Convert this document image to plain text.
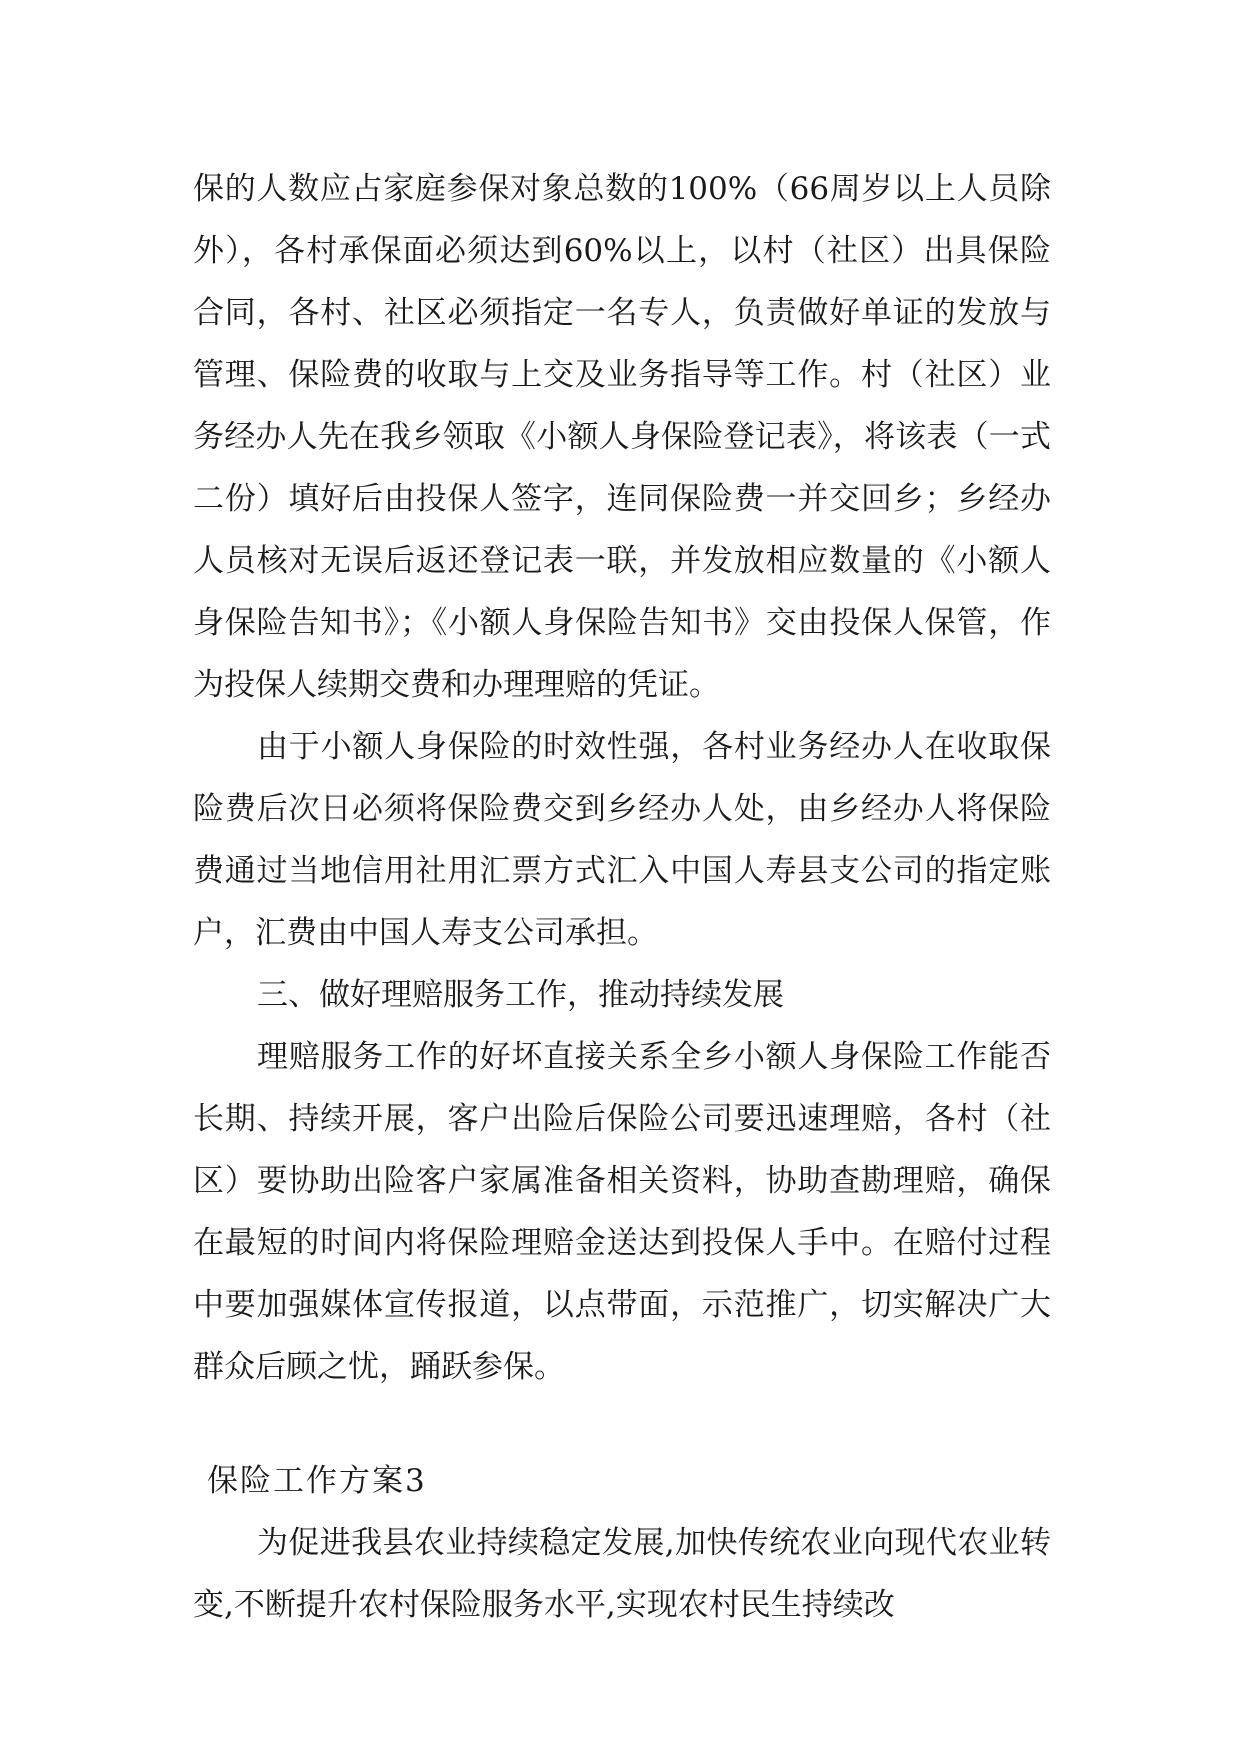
保的人数应占家庭参保对象总数的100%（66周岁以上人员除外），各村承保面必须达到60%以上，以村（社区）出具保险合同，各村、社区必须指定一名专人，负责做好单证的发放与管理、保险费的收取与上交及业务指导等工作。村（社区）业务经办人先在我乡领取《小额人身保险登记表》，将该表（一式二份）填好后由投保人签字，连同保险费一并交回乡；乡经办人员核对无误后返还登记表一联，并发放相应数量的《小额人身保险告知书》；《小额人身保险告知书》交由投保人保管，作为投保人续期交费和办理理赔的凭证。

由于小额人身保险的时效性强，各村业务经办人在收取保险费后次日必须将保险费交到乡经办人处，由乡经办人将保险费通过当地信用社用汇票方式汇入中国人寿县支公司的指定账户，汇费由中国人寿支公司承担。

三、做好理赔服务工作，推动持续发展

理赔服务工作的好坏直接关系全乡小额人身保险工作能否长期、持续开展，客户出险后保险公司要迅速理赔，各村（社区）要协助出险客户家属准备相关资料，协助查勘理赔，确保在最短的时间内将保险理赔金送达到投保人手中。在赔付过程中要加强媒体宣传报道，以点带面，示范推广，切实解决广大群众后顾之忧，踊跃参保。

保险工作方案3

为促进我县农业持续稳定发展,加快传统农业向现代农业转变,不断提升农村保险服务水平,实现农村民生持续改
